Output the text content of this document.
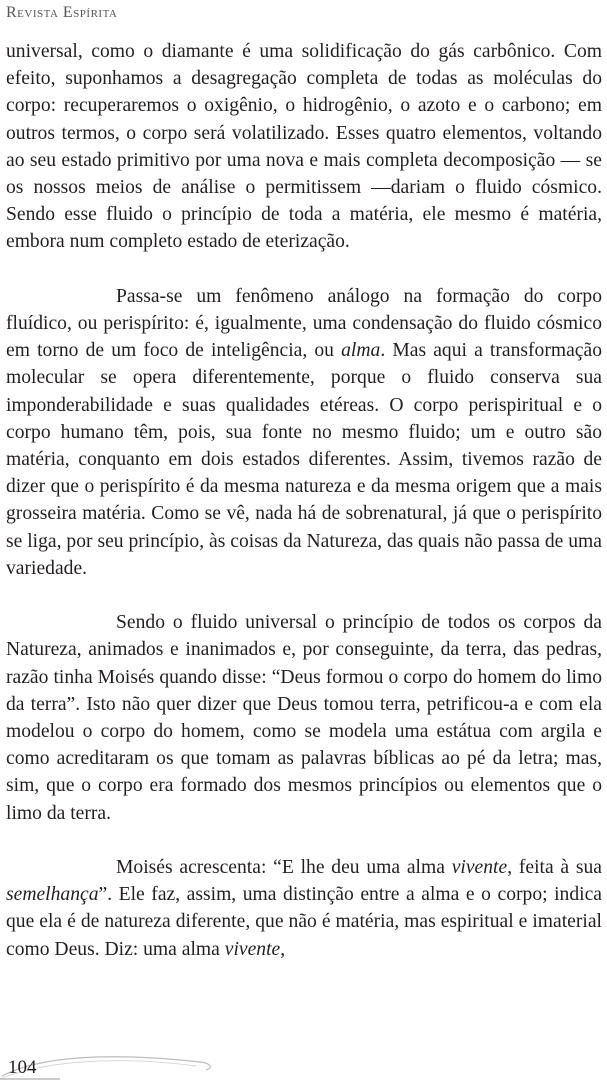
Revista Espírita

universal, como o diamante é uma solidificação do gás carbônico. Com efeito, suponhamos a desagregação completa de todas as moléculas do corpo: recuperaremos o oxigênio, o hidrogênio, o azoto e o carbono; em outros termos, o corpo será volatilizado. Esses quatro elementos, voltando ao seu estado primitivo por uma nova e mais completa decomposição — se os nossos meios de análise o permitissem —dariam o fluido cósmico. Sendo esse fluido o princípio de toda a matéria, ele mesmo é matéria, embora num completo estado de eterização.

Passa-se um fenômeno análogo na formação do corpo fluídico, ou perispírito: é, igualmente, uma condensação do fluido cósmico em torno de um foco de inteligência, ou alma. Mas aqui a transformação molecular se opera diferentemente, porque o fluido conserva sua imponderabilidade e suas qualidades etéreas. O corpo perispiritual e o corpo humano têm, pois, sua fonte no mesmo fluido; um e outro são matéria, conquanto em dois estados diferentes. Assim, tivemos razão de dizer que o perispírito é da mesma natureza e da mesma origem que a mais grosseira matéria. Como se vê, nada há de sobrenatural, já que o perispírito se liga, por seu princípio, às coisas da Natureza, das quais não passa de uma variedade.

Sendo o fluido universal o princípio de todos os corpos da Natureza, animados e inanimados e, por conseguinte, da terra, das pedras, razão tinha Moisés quando disse: “Deus formou o corpo do homem do limo da terra”. Isto não quer dizer que Deus tomou terra, petrificou-a e com ela modelou o corpo do homem, como se modela uma estátua com argila e como acreditaram os que tomam as palavras bíblicas ao pé da letra; mas, sim, que o corpo era formado dos mesmos princípios ou elementos que o limo da terra.

Moisés acrescenta: “E lhe deu uma alma vivente, feita à sua semelhança”. Ele faz, assim, uma distinção entre a alma e o corpo; indica que ela é de natureza diferente, que não é matéria, mas espiritual e imaterial como Deus. Diz: uma alma vivente,

104
